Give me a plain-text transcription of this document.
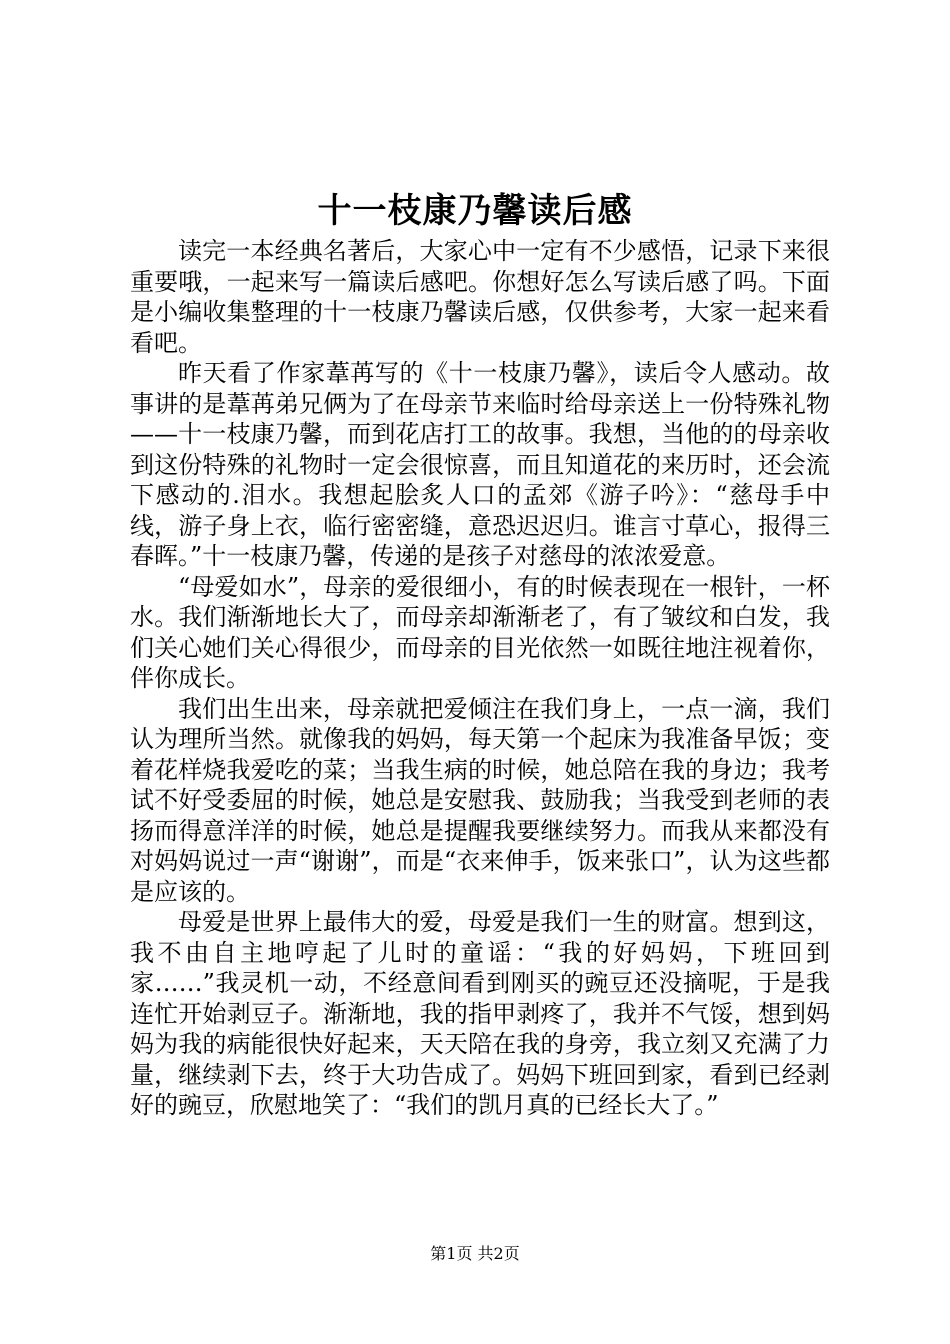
十一枝康乃馨读后感

读完一本经典名著后，大家心中一定有不少感悟，记录下来很重要哦，一起来写一篇读后感吧。你想好怎么写读后感了吗。下面是小编收集整理的十一枝康乃馨读后感，仅供参考，大家一起来看看吧。

昨天看了作家葦苒写的《十一枝康乃馨》，读后令人感动。故事讲的是葦苒弟兄俩为了在母亲节来临时给母亲送上一份特殊礼物——十一枝康乃馨，而到花店打工的故事。我想，当他的的母亲收到这份特殊的礼物时一定会很惊喜，而且知道花的来历时，还会流下感动的.泪水。我想起脍炙人口的孟郊《游子吟》：“慈母手中线，游子身上衣，临行密密缝，意恐迟迟归。谁言寸草心，报得三春晖。”十一枝康乃馨，传递的是孩子对慈母的浓浓爱意。

“母爱如水”，母亲的爱很细小，有的时候表现在一根针，一杯水。我们渐渐地长大了，而母亲却渐渐老了，有了皱纹和白发，我们关心她们关心得很少，而母亲的目光依然一如既往地注视着你，伴你成长。

我们出生出来，母亲就把爱倾注在我们身上，一点一滴，我们认为理所当然。就像我的妈妈，每天第一个起床为我准备早饭；变着花样烧我爱吃的菜；当我生病的时候，她总陪在我的身边；我考试不好受委屈的时候，她总是安慰我、鼓励我；当我受到老师的表扬而得意洋洋的时候，她总是提醒我要继续努力。而我从来都没有对妈妈说过一声“谢谢”，而是“衣来伸手，饭来张口”，认为这些都是应该的。

母爱是世界上最伟大的爱，母爱是我们一生的财富。想到这，我不由自主地哼起了儿时的童谣：“我的好妈妈，下班回到家……”我灵机一动，不经意间看到刚买的豌豆还没摘呢，于是我连忙开始剥豆子。渐渐地，我的指甲剥疼了，我并不气馁，想到妈妈为我的病能很快好起来，天天陪在我的身旁，我立刻又充满了力量，继续剥下去，终于大功告成了。妈妈下班回到家，看到已经剥好的豌豆，欣慰地笑了：“我们的凯月真的已经长大了。”

第1页 共2页
